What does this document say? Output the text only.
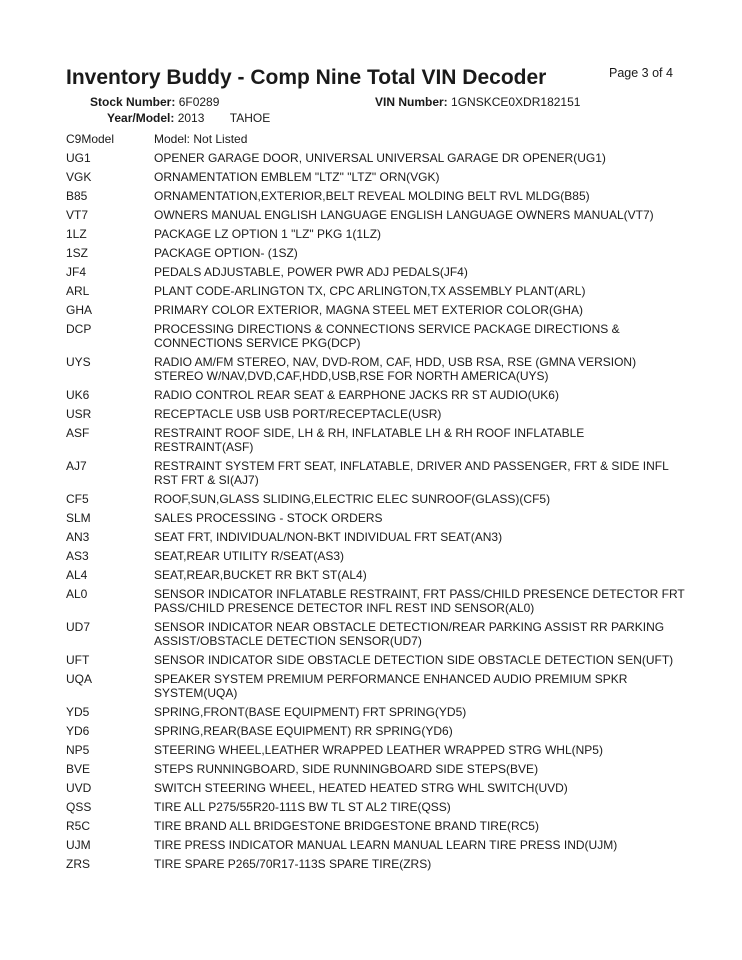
Inventory Buddy - Comp Nine Total VIN Decoder	Page 3 of 4
Stock Number: 6F0289	VIN Number: 1GNSKCE0XDR182151
Year/Model: 2013 TAHOE
C9Model	Model: Not Listed
UG1	OPENER GARAGE DOOR, UNIVERSAL UNIVERSAL GARAGE DR OPENER(UG1)
VGK	ORNAMENTATION EMBLEM "LTZ" "LTZ" ORN(VGK)
B85	ORNAMENTATION,EXTERIOR,BELT REVEAL MOLDING BELT RVL MLDG(B85)
VT7	OWNERS MANUAL ENGLISH LANGUAGE ENGLISH LANGUAGE OWNERS MANUAL(VT7)
1LZ	PACKAGE LZ OPTION 1 "LZ" PKG 1(1LZ)
1SZ	PACKAGE OPTION- (1SZ)
JF4	PEDALS ADJUSTABLE, POWER PWR ADJ PEDALS(JF4)
ARL	PLANT CODE-ARLINGTON TX, CPC ARLINGTON,TX ASSEMBLY PLANT(ARL)
GHA	PRIMARY COLOR EXTERIOR, MAGNA STEEL MET EXTERIOR COLOR(GHA)
DCP	PROCESSING DIRECTIONS & CONNECTIONS SERVICE PACKAGE DIRECTIONS & CONNECTIONS SERVICE PKG(DCP)
UYS	RADIO AM/FM STEREO, NAV, DVD-ROM, CAF, HDD, USB RSA, RSE (GMNA VERSION) STEREO W/NAV,DVD,CAF,HDD,USB,RSE FOR NORTH AMERICA(UYS)
UK6	RADIO CONTROL REAR SEAT & EARPHONE JACKS RR ST AUDIO(UK6)
USR	RECEPTACLE USB USB PORT/RECEPTACLE(USR)
ASF	RESTRAINT ROOF SIDE, LH & RH, INFLATABLE LH & RH ROOF INFLATABLE RESTRAINT(ASF)
AJ7	RESTRAINT SYSTEM FRT SEAT, INFLATABLE, DRIVER AND PASSENGER, FRT & SIDE INFL RST FRT & SI(AJ7)
CF5	ROOF,SUN,GLASS SLIDING,ELECTRIC ELEC SUNROOF(GLASS)(CF5)
SLM	SALES PROCESSING - STOCK ORDERS
AN3	SEAT FRT, INDIVIDUAL/NON-BKT INDIVIDUAL FRT SEAT(AN3)
AS3	SEAT,REAR UTILITY R/SEAT(AS3)
AL4	SEAT,REAR,BUCKET RR BKT ST(AL4)
AL0	SENSOR INDICATOR INFLATABLE RESTRAINT, FRT PASS/CHILD PRESENCE DETECTOR FRT PASS/CHILD PRESENCE DETECTOR INFL REST IND SENSOR(AL0)
UD7	SENSOR INDICATOR NEAR OBSTACLE DETECTION/REAR PARKING ASSIST RR PARKING ASSIST/OBSTACLE DETECTION SENSOR(UD7)
UFT	SENSOR INDICATOR SIDE OBSTACLE DETECTION SIDE OBSTACLE DETECTION SEN(UFT)
UQA	SPEAKER SYSTEM PREMIUM PERFORMANCE ENHANCED AUDIO PREMIUM SPKR SYSTEM(UQA)
YD5	SPRING,FRONT(BASE EQUIPMENT) FRT SPRING(YD5)
YD6	SPRING,REAR(BASE EQUIPMENT) RR SPRING(YD6)
NP5	STEERING WHEEL,LEATHER WRAPPED LEATHER WRAPPED STRG WHL(NP5)
BVE	STEPS RUNNINGBOARD, SIDE RUNNINGBOARD SIDE STEPS(BVE)
UVD	SWITCH STEERING WHEEL, HEATED HEATED STRG WHL SWITCH(UVD)
QSS	TIRE ALL P275/55R20-111S BW TL ST AL2 TIRE(QSS)
R5C	TIRE BRAND ALL BRIDGESTONE BRIDGESTONE BRAND TIRE(RC5)
UJM	TIRE PRESS INDICATOR MANUAL LEARN MANUAL LEARN TIRE PRESS IND(UJM)
ZRS	TIRE SPARE P265/70R17-113S SPARE TIRE(ZRS)
